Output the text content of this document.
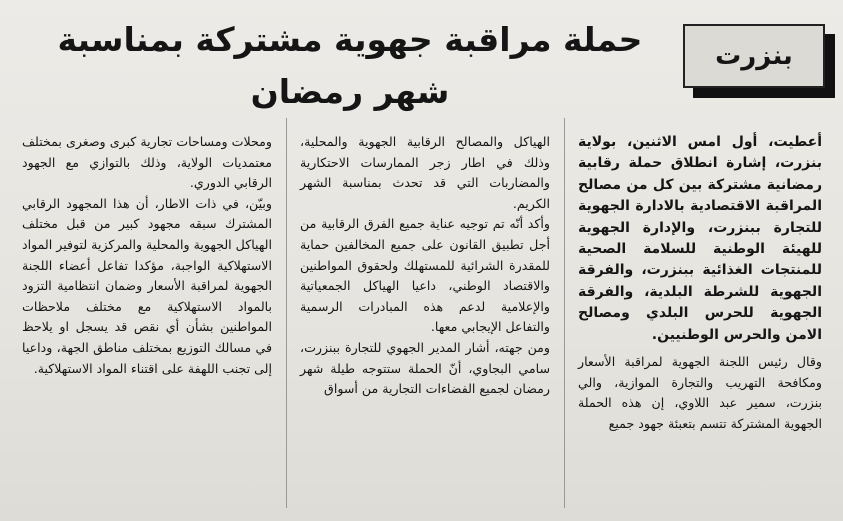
بنزرت
حملة مراقبة جهوية مشتركة بمناسبة شهر رمضان

أعطيت، أول امس الاثنين، بولاية بنزرت، إشارة انطلاق حملة رقابية رمضانية مشتركة بين كل من مصالح المراقبة الاقتصادية بالادارة الجهوية للتجارة ببنزرت، والإدارة الجهوية للهيئة الوطنية للسلامة الصحية للمنتجات الغذائية ببنزرت، والفرقة الجهوية للشرطة البلدية، والفرقة الجهوية للحرس البلدي ومصالح الامن والحرس الوطنيين.

وقال رئيس اللجنة الجهوية لمراقبة الأسعار ومكافحة التهريب والتجارة الموازية، والي بنزرت، سمير عبد اللاوي، إن هذه الحملة الجهوية المشتركة تتسم بتعبئة جهود جميع

الهياكل والمصالح الرقابية الجهوية والمحلية، وذلك في اطار زجر الممارسات الاحتكارية والمضاربات التي قد تحدث بمناسبة الشهر الكريم.

وأكد أنّه تم توجيه عناية جميع الفرق الرقابية من أجل تطبيق القانون على جميع المخالفين حماية للمقدرة الشرائية للمستهلك ولحقوق المواطنين والاقتصاد الوطني، داعيا الهياكل الجمعياتية والإعلامية لدعم هذه المبادرات الرسمية والتفاعل الإيجابي معها.

ومن جهته، أشار المدير الجهوي للتجارة ببنزرت، سامي البجاوي، أنّ الحملة ستتوجه طيلة شهر رمضان لجميع الفضاءات التجارية من أسواق

ومحلات ومساحات تجارية كبرى وصغرى بمختلف معتمديات الولاية، وذلك بالتوازي مع الجهود الرقابي الدوري.

وبيّن، في ذات الاطار، أن هذا المجهود الرقابي المشترك سبقه مجهود كبير من قبل مختلف الهياكل الجهوية والمحلية والمركزية لتوفير المواد الاستهلاكية الواجبة، مؤكدا تفاعل أعضاء اللجنة الجهوية لمراقبة الأسعار وضمان انتظامية التزود بالمواد الاستهلاكية مع مختلف ملاحظات المواطنين بشأن أي نقص قد يسجل او يلاحظ في مسالك التوزيع بمختلف مناطق الجهة، وداعيا إلى تجنب اللهفة على اقتناء المواد الاستهلاكية.
